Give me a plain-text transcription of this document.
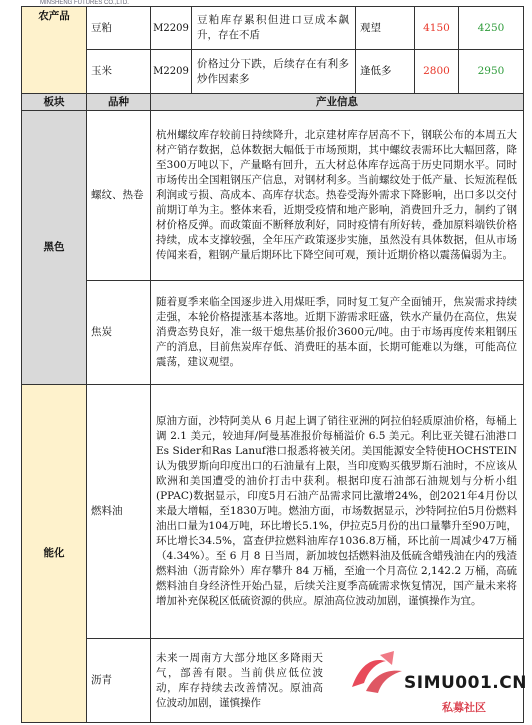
MINSHENG FUTURES CO.,LTD.
农产品	豆粕	M2209	豆粕库存累积但进口豆成本飙升，存在不盾	观望	4150	4250
	玉米	M2209	价格过分下跌，后续存在有利多炒作因素多	逢低多	2800	2950
板块	品种	产业信息				
黑色	螺纹、热卷	杭州螺纹库存较前日持续降升，北京建材库存居高不下，钢联公布的本周五大材产销存数据，总体数据大幅低于市场预期，其中螺纹表需环比大幅回落，降至300万吨以下，产量略有回升，五大材总体库存远高于历史同期水平。同时市场传出全国粗钢压产信息，对钢材利多。当前螺纹处于低产量、长短流程低利润或亏损、高成本、高库存状态。热卷受海外需求下降影响，出口多以交付前期订单为主。整体来看，近期受疫情和地产影响，消费回升乏力，制约了钢材价格反弹。而政策面不断释放利好，同时疫情有所好转，叠加原料端铁价格持续，成本支撑较强，全年压产政策逐步实施，虽然没有具体数据，但从市场传闻来看，粗钢产量后期环比下降空间可观，预计近期价格以震荡偏弱为主。				
	焦炭	随着夏季来临全国逐步进入用煤旺季，同时复工复产全面铺开，焦炭需求持续走强，本轮价格提涨基本落地。近期下游需求旺盛，铁水产量仍在高位，焦炭消费态势良好，准一级干熄焦基价报价3600元/吨。由于市场再度传来粗钢压产的消息，目前焦炭库存低、消费旺的基本面，长期可能难以为继，可能高位震荡，建议观望。				
能化	燃料油	原油方面，沙特阿美从 6 月起上调了销往亚洲的阿拉伯轻质原油价格，每桶上调 2.1 美元，较迪拜/阿曼基准报价每桶溢价 6.5 美元。利比亚关键石油港口Es Sider和Ras Lanuf港口报悉将被关闭。美国能源安全特使HOCHSTEIN认为俄罗斯向印度出口的石油量有上限，当印度购买俄罗斯石油时，不应该从欧洲和美国遭受的油价打击中获利。根据印度石油部石油规划与分析小组(PPAC)数据显示，印度5月石油产品需求同比激增24%，创2021年4月份以来最大增幅，至1830万吨。燃油方面，市场数据显示，沙特阿拉伯5月份燃料油出口量为104万吨，环比增长5.1%，伊拉克5月份的出口量攀升至90万吨，环比增长34.5%，富查伊拉燃料油库存1036.8万桶，环比前一周减少47万桶（4.34%）。至 6 月 8 日当周，新加坡包括燃料油及低硫含蜡残油在内的残渣燃料油（沥青除外）库存攀升 84 万桶，至逾一个月高位 2,142.2 万桶，高硫燃料油自身经济性开始凸显，后续关注夏季高硫需求恢复情况，国产量未来将增加补充保税区低硫资源的供应。原油高位波动加剧，谨慎操作为宜。				
	沥青	未来一周南方大部分地区多降雨天气，部善有限。当前供应低位波动，库存持续去改善情况。原油高位波动加剧，谨慎操作				
SIMU001.CN
私募社区
